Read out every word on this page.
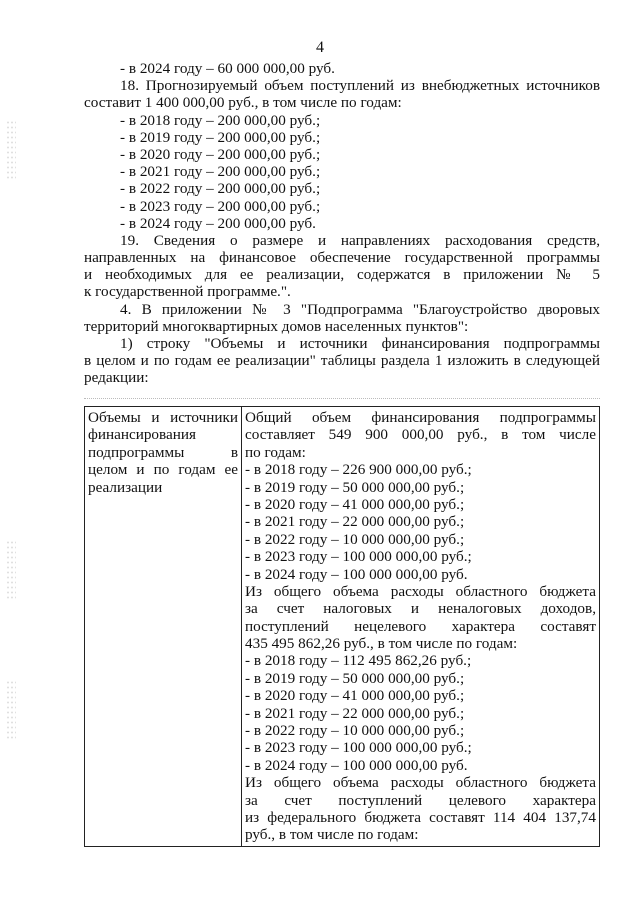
4
- в 2024 году – 60 000 000,00 руб.
18. Прогнозируемый объем поступлений из внебюджетных источников
составит 1 400 000,00 руб., в том числе по годам:
- в 2018 году – 200 000,00 руб.;
- в 2019 году – 200 000,00 руб.;
- в 2020 году – 200 000,00 руб.;
- в 2021 году – 200 000,00 руб.;
- в 2022 году – 200 000,00 руб.;
- в 2023 году – 200 000,00 руб.;
- в 2024 году – 200 000,00 руб.
19. Сведения о размере и направлениях расходования средств,
направленных на финансовое обеспечение государственной программы
и необходимых для ее реализации, содержатся в приложении № 5
к государственной программе.".
4. В приложении № 3 "Подпрограмма "Благоустройство дворовых
территорий многоквартирных домов населенных пунктов":
1) строку "Объемы и источники финансирования подпрограммы
в целом и по годам ее реализации" таблицы раздела 1 изложить в следующей
редакции:
Объемы и источники
финансирования
подпрограммы в
целом и по годам ее
реализации

Общий объем финансирования подпрограммы
составляет 549 900 000,00 руб., в том числе
по годам:
- в 2018 году – 226 900 000,00 руб.;
- в 2019 году – 50 000 000,00 руб.;
- в 2020 году – 41 000 000,00 руб.;
- в 2021 году – 22 000 000,00 руб.;
- в 2022 году – 10 000 000,00 руб.;
- в 2023 году – 100 000 000,00 руб.;
- в 2024 году – 100 000 000,00 руб.
Из общего объема расходы областного бюджета
за счет налоговых и неналоговых доходов,
поступлений нецелевого характера составят
435 495 862,26 руб., в том числе по годам:
- в 2018 году – 112 495 862,26 руб.;
- в 2019 году – 50 000 000,00 руб.;
- в 2020 году – 41 000 000,00 руб.;
- в 2021 году – 22 000 000,00 руб.;
- в 2022 году – 10 000 000,00 руб.;
- в 2023 году – 100 000 000,00 руб.;
- в 2024 году – 100 000 000,00 руб.
Из общего объема расходы областного бюджета
за счет поступлений целевого характера
из федерального бюджета составят 114 404 137,74
руб., в том числе по годам:
